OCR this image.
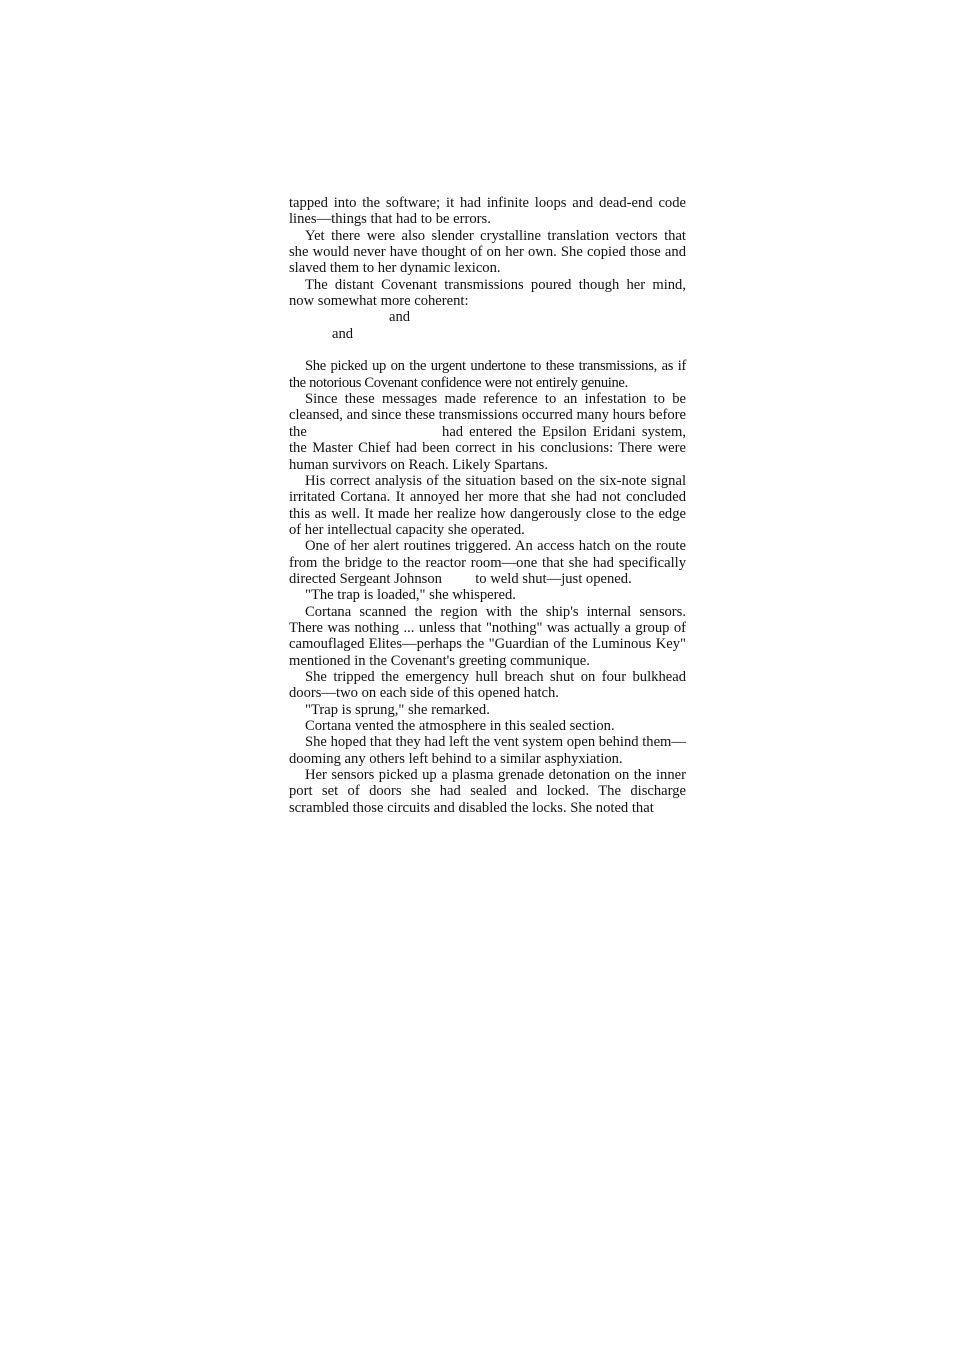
tapped into the software; it had infinite loops and dead-end code lines—things that had to be errors.

Yet there were also slender crystalline translation vectors that she would never have thought of on her own. She copied those and slaved them to her dynamic lexicon.

The distant Covenant transmissions poured though her mind, now somewhat more coherent:

and

and

She picked up on the urgent undertone to these transmissions, as if the notorious Covenant confidence were not entirely genuine.

Since these messages made reference to an infestation to be cleansed, and since these transmissions occurred many hours before the	had entered the Epsilon Eridani system, the Master Chief had been correct in his conclusions: There were human survivors on Reach. Likely Spartans.

His correct analysis of the situation based on the six-note signal irritated Cortana. It annoyed her more that she had not concluded this as well. It made her realize how dangerously close to the edge of her intellectual capacity she operated.

One of her alert routines triggered. An access hatch on the route from the bridge to the reactor room—one that she had specifically directed Sergeant Johnson to weld shut—just opened.

"The trap is loaded," she whispered.

Cortana scanned the region with the ship's internal sensors. There was nothing ... unless that "nothing" was actually a group of camouflaged Elites—perhaps the "Guardian of the Luminous Key" mentioned in the Covenant's greeting communique.

She tripped the emergency hull breach shut on four bulkhead doors—two on each side of this opened hatch.

"Trap is sprung," she remarked.

Cortana vented the atmosphere in this sealed section.

She hoped that they had left the vent system open behind them—dooming any others left behind to a similar asphyxiation.

Her sensors picked up a plasma grenade detonation on the inner port set of doors she had sealed and locked. The discharge scrambled those circuits and disabled the locks. She noted that
